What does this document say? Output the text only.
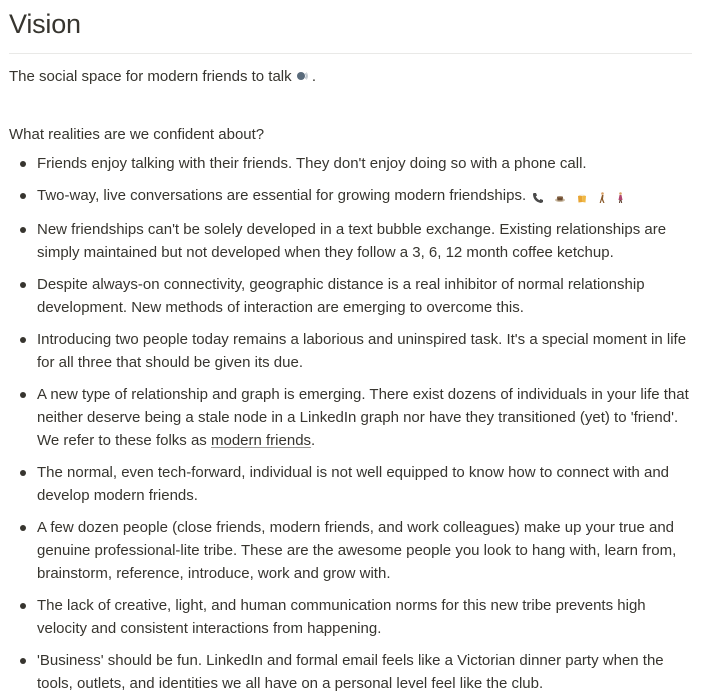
Vision

The social space for modern friends to talk .

What realities are we confident about?

Friends enjoy talking with their friends. They don't enjoy doing so with a phone call.
Two-way, live conversations are essential for growing modern friendships.
New friendships can't be solely developed in a text bubble exchange. Existing relationships are simply maintained but not developed when they follow a 3, 6, 12 month coffee ketchup.
Despite always-on connectivity, geographic distance is a real inhibitor of normal relationship development. New methods of interaction are emerging to overcome this.
Introducing two people today remains a laborious and uninspired task. It's a special moment in life for all three that should be given its due.
A new type of relationship and graph is emerging. There exist dozens of individuals in your life that neither deserve being a stale node in a LinkedIn graph nor have they transitioned (yet) to 'friend'. We refer to these folks as modern friends.
The normal, even tech-forward, individual is not well equipped to know how to connect with and develop modern friends.
A few dozen people (close friends, modern friends, and work colleagues) make up your true and genuine professional-lite tribe. These are the awesome people you look to hang with, learn from, brainstorm, reference, introduce, work and grow with.
The lack of creative, light, and human communication norms for this new tribe prevents high velocity and consistent interactions from happening.
'Business' should be fun. LinkedIn and formal email feels like a Victorian dinner party when the tools, outlets, and identities we all have on a personal level feel like the club.
